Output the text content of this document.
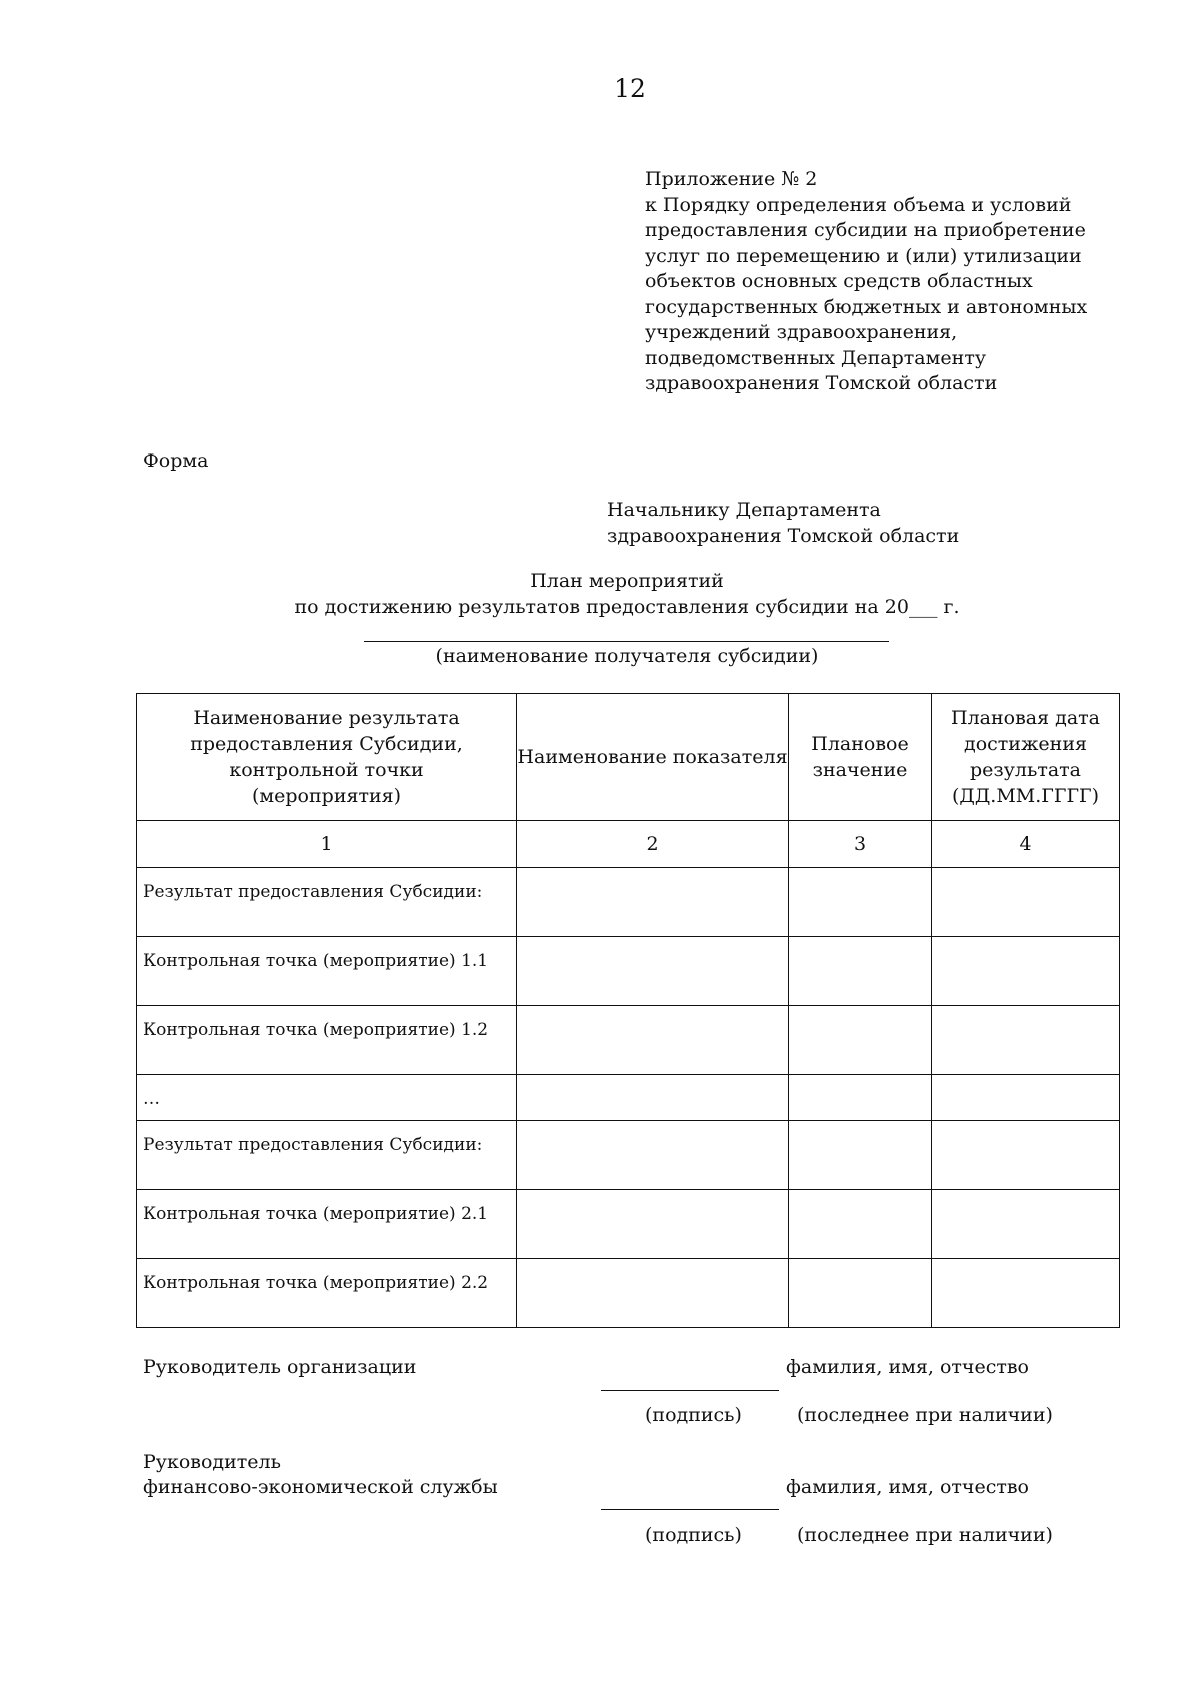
12
Приложение № 2
к Порядку определения объема и условий
предоставления субсидии на приобретение
услуг по перемещению и (или) утилизации
объектов основных средств областных
государственных бюджетных и автономных
учреждений здравоохранения,
подведомственных Департаменту
здравоохранения Томской области
Форма
Начальнику Департамента
здравоохранения Томской области
План мероприятий
по достижению результатов предоставления субсидии на 20___ г.
(наименование получателя субсидии)
Наименование результата предоставления Субсидии, контрольной точки (мероприятия)	Наименование показателя	Плановое значение	Плановая дата достижения результата (ДД.ММ.ГГГГ)

1	2	3	4

Результат предоставления Субсидии:			

Контрольная точка (мероприятие) 1.1			

Контрольная точка (мероприятие) 1.2			

…			

Результат предоставления Субсидии:			

Контрольная точка (мероприятие) 2.1			

Контрольная точка (мероприятие) 2.2			

Руководитель организации	фамилия, имя, отчество
(подпись)	(последнее при наличии)
Руководитель
финансово-экономической службы	фамилия, имя, отчество
(подпись)	(последнее при наличии)
